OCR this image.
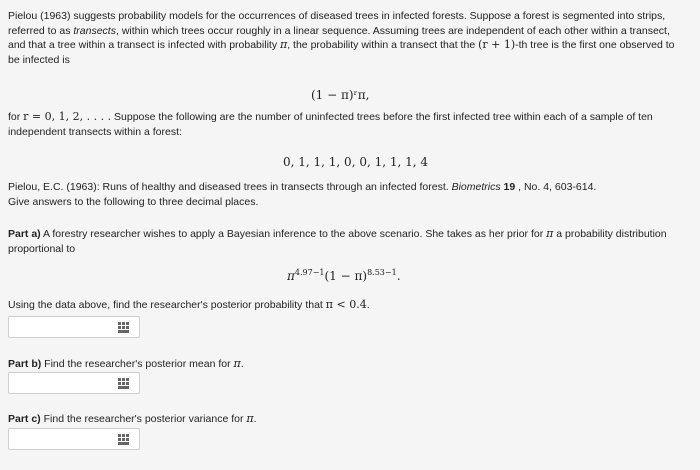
Pielou (1963) suggests probability models for the occurrences of diseased trees in infected forests. Suppose a forest is segmented into strips, referred to as transects, within which trees occur roughly in a linear sequence. Assuming trees are independent of each other within a transect, and that a tree within a transect is infected with probability π, the probability within a transect that the (r + 1)-th tree is the first one observed to be infected is
(1 − π)ʳπ,
for r = 0, 1, 2, . . . . Suppose the following are the number of uninfected trees before the first infected tree within each of a sample of ten independent transects within a forest:
0, 1, 1, 1, 0, 0, 1, 1, 1, 4
Pielou, E.C. (1963): Runs of healthy and diseased trees in transects through an infected forest. Biometrics 19 , No. 4, 603-614.
Give answers to the following to three decimal places.
Part a) A forestry researcher wishes to apply a Bayesian inference to the above scenario. She takes as her prior for π a probability distribution proportional to
$\pi^{4.97-1}(1 - \pi)^{8.53-1}$.
Using the data above, find the researcher's posterior probability that π < 0.4.
Part b) Find the researcher's posterior mean for π.
Part c) Find the researcher's posterior variance for π.
